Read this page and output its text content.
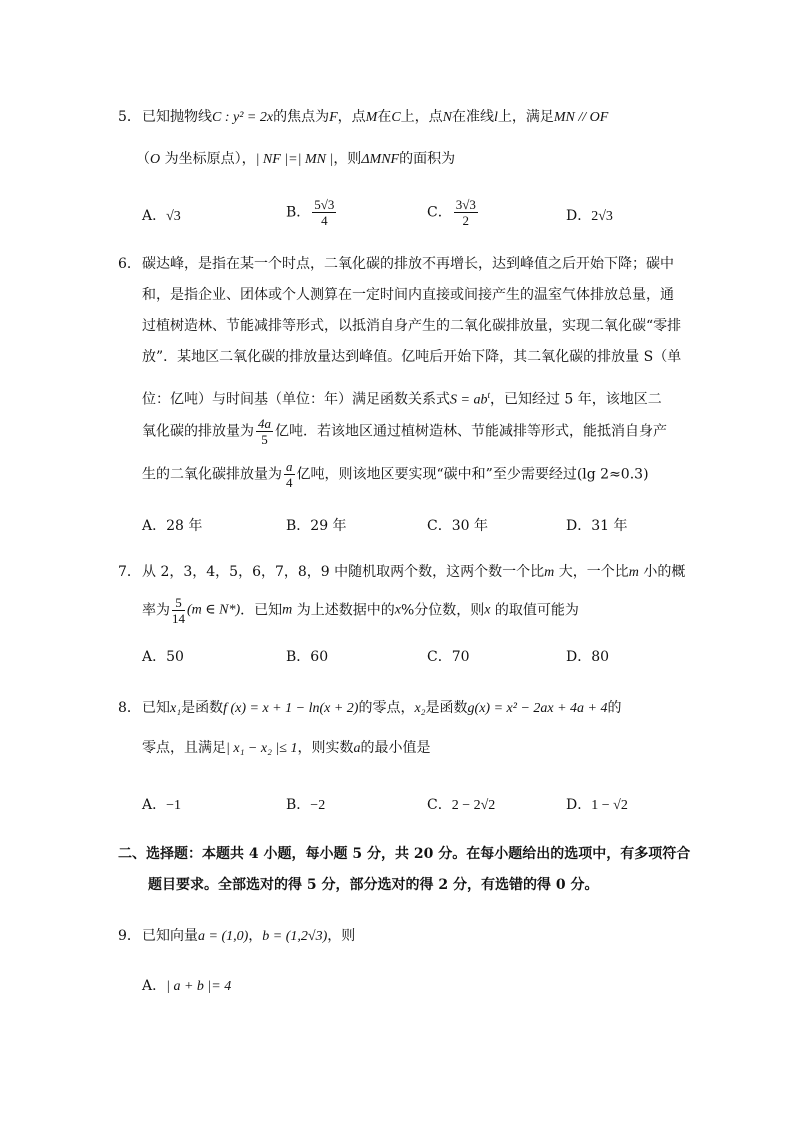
5． 已知抛物线C : y² = 2x的焦点为F，点M在C上，点N在准线l上，满足MN // OF
（O 为坐标原点），| NF |=| MN |，则ΔMNF的面积为
A．√3	B． $\frac{5√3}{4}$	C． $\frac{3√3}{2}$	D．2√3
6． 碳达峰，是指在某一个时点，二氧化碳的排放不再增长，达到峰值之后开始下降；碳中
和，是指企业、团体或个人测算在一定时间内直接或间接产生的温室气体排放总量，通
过植树造林、节能减排等形式，以抵消自身产生的二氧化碳排放量，实现二氧化碳“零排
放”．某地区二氧化碳的排放量达到峰值。亿吨后开始下降，其二氧化碳的排放量 S（单
位：亿吨）与时间基（单位：年）满足函数关系式$S = ab^t$，已知经过 5 年，该地区二
氧化碳的排放量为 $\frac{4a}{5}$ 亿吨．若该地区通过植树造林、节能减排等形式，能抵消自身产
生的二氧化碳排放量为 $\frac{a}{4}$ 亿吨，则该地区要实现“碳中和”至少需要经过(lg 2≈0.3)
A．28 年	B．29 年	C．30 年	D．31 年
7． 从 2，3，4，5，6，7，8，9 中随机取两个数，这两个数一个比m 大，一个比m 小的概
率为 $\frac{5}{14} (m$ ∈ N*)．已知m 为上述数据中的x%分位数，则x 的取值可能为
A．50	B．60	C．70	D．80
8． 已知x₁是函数f (x) = x + 1 − ln(x + 2)的零点，x₂是函数g(x) = x² − 2ax + 4a + 4的
零点，且满足| x₁ − x₂ |≤ 1，则实数a的最小值是
A．−1	B．−2	C．2 − 2√2	D．1 − √2
二、选择题：本题共 4 小题，每小题 5 分，共 20 分。在每小题给出的选项中，有多项符合
题目要求。全部选对的得 5 分，部分选对的得 2 分，有选错的得 0 分。
9． 已知向量a = (1,0)，b = (1,2√3)，则
A．| a + b |= 4
